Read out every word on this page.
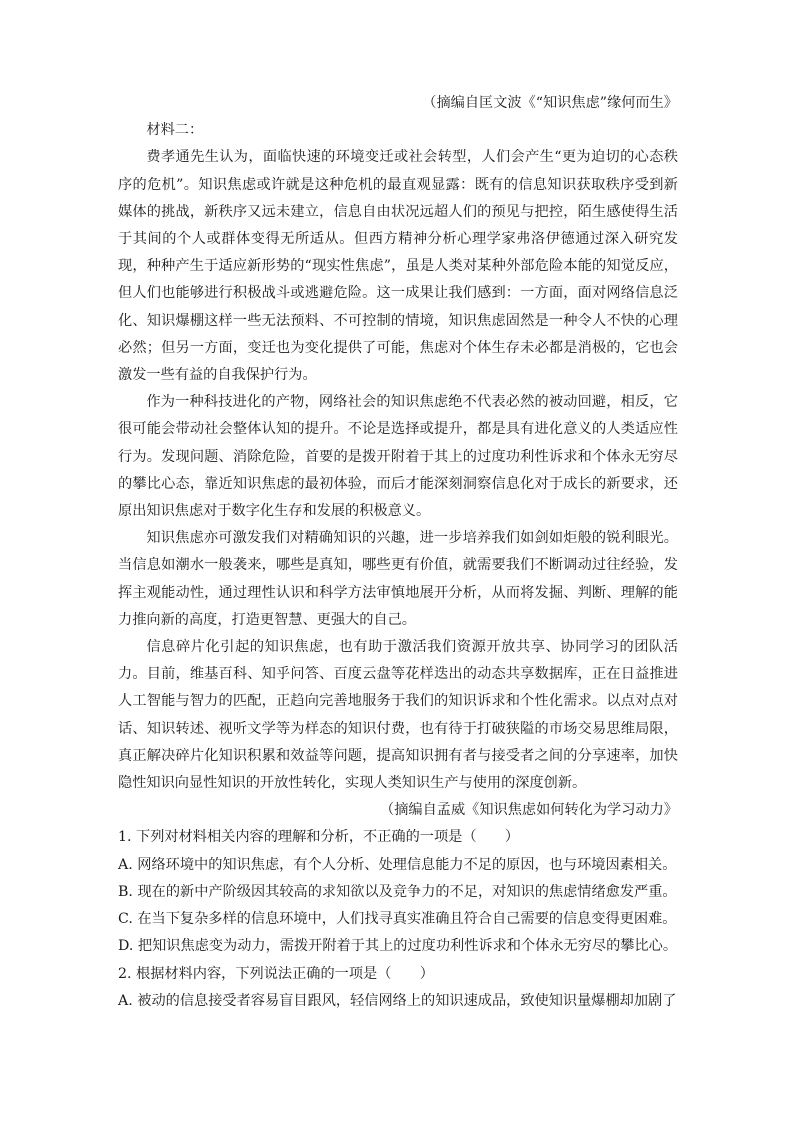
（摘编自匡文波《“知识焦虑”缘何而生》

材料二：

费孝通先生认为，面临快速的环境变迁或社会转型，人们会产生“更为迫切的心态秩序的危机”。知识焦虑或许就是这种危机的最直观显露：既有的信息知识获取秩序受到新媒体的挑战，新秩序又远未建立，信息自由状况远超人们的预见与把控，陌生感使得生活于其间的个人或群体变得无所适从。但西方精神分析心理学家弗洛伊德通过深入研究发现，种种产生于适应新形势的“现实性焦虑”，虽是人类对某种外部危险本能的知觉反应，但人们也能够进行积极战斗或逃避危险。这一成果让我们感到：一方面，面对网络信息泛化、知识爆棚这样一些无法预料、不可控制的情境，知识焦虑固然是一种令人不快的心理必然；但另一方面，变迁也为变化提供了可能，焦虑对个体生存未必都是消极的，它也会激发一些有益的自我保护行为。

作为一种科技进化的产物，网络社会的知识焦虑绝不代表必然的被动回避，相反，它很可能会带动社会整体认知的提升。不论是选择或提升，都是具有进化意义的人类适应性行为。发现问题、消除危险，首要的是拨开附着于其上的过度功利性诉求和个体永无穷尽的攀比心态，靠近知识焦虑的最初体验，而后才能深刻洞察信息化对于成长的新要求，还原出知识焦虑对于数字化生存和发展的积极意义。

知识焦虑亦可激发我们对精确知识的兴趣，进一步培养我们如剑如炬般的锐利眼光。当信息如潮水一般袭来，哪些是真知，哪些更有价值，就需要我们不断调动过往经验，发挥主观能动性，通过理性认识和科学方法审慎地展开分析，从而将发掘、判断、理解的能力推向新的高度，打造更智慧、更强大的自己。

信息碎片化引起的知识焦虑，也有助于激活我们资源开放共享、协同学习的团队活力。目前，维基百科、知乎问答、百度云盘等花样迭出的动态共享数据库，正在日益推进人工智能与智力的匹配，正趋向完善地服务于我们的知识诉求和个性化需求。以点对点对话、知识转述、视听文学等为样态的知识付费，也有待于打破狭隘的市场交易思维局限，真正解决碎片化知识积累和效益等问题，提高知识拥有者与接受者之间的分享速率，加快隐性知识向显性知识的开放性转化，实现人类知识生产与使用的深度创新。

（摘编自孟威《知识焦虑如何转化为学习动力》

1. 下列对材料相关内容的理解和分析，不正确的一项是（　　）

A. 网络环境中的知识焦虑，有个人分析、处理信息能力不足的原因，也与环境因素相关。

B. 现在的新中产阶级因其较高的求知欲以及竞争力的不足，对知识的焦虑情绪愈发严重。

C. 在当下复杂多样的信息环境中，人们找寻真实准确且符合自己需要的信息变得更困难。

D. 把知识焦虑变为动力，需拨开附着于其上的过度功利性诉求和个体永无穷尽的攀比心。

2. 根据材料内容，下列说法正确的一项是（　　）

A. 被动的信息接受者容易盲目跟风，轻信网络上的知识速成品，致使知识量爆棚却加剧了
